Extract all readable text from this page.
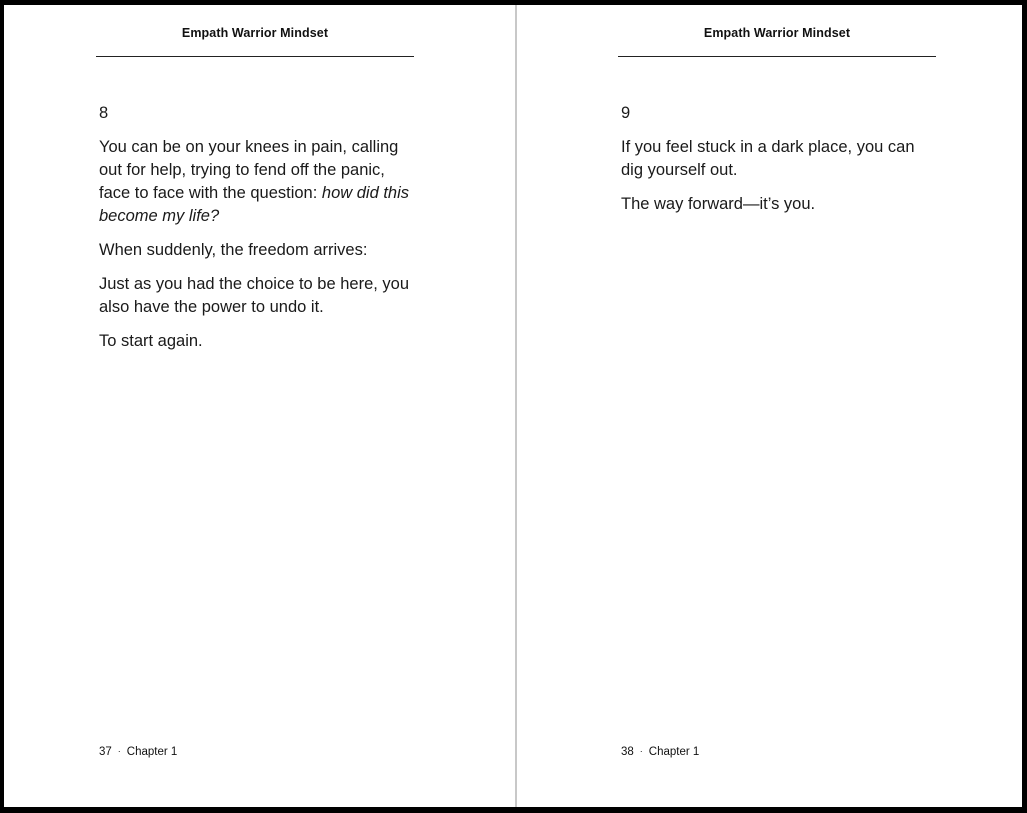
Empath Warrior Mindset

8

You can be on your knees in pain, calling out for help, trying to fend off the panic, face to face with the question: how did this become my life?

When suddenly, the freedom arrives:

Just as you had the choice to be here, you also have the power to undo it.

To start again.

37 · Chapter 1
Empath Warrior Mindset

9

If you feel stuck in a dark place, you can dig yourself out.

The way forward—it’s you.

38 · Chapter 1
